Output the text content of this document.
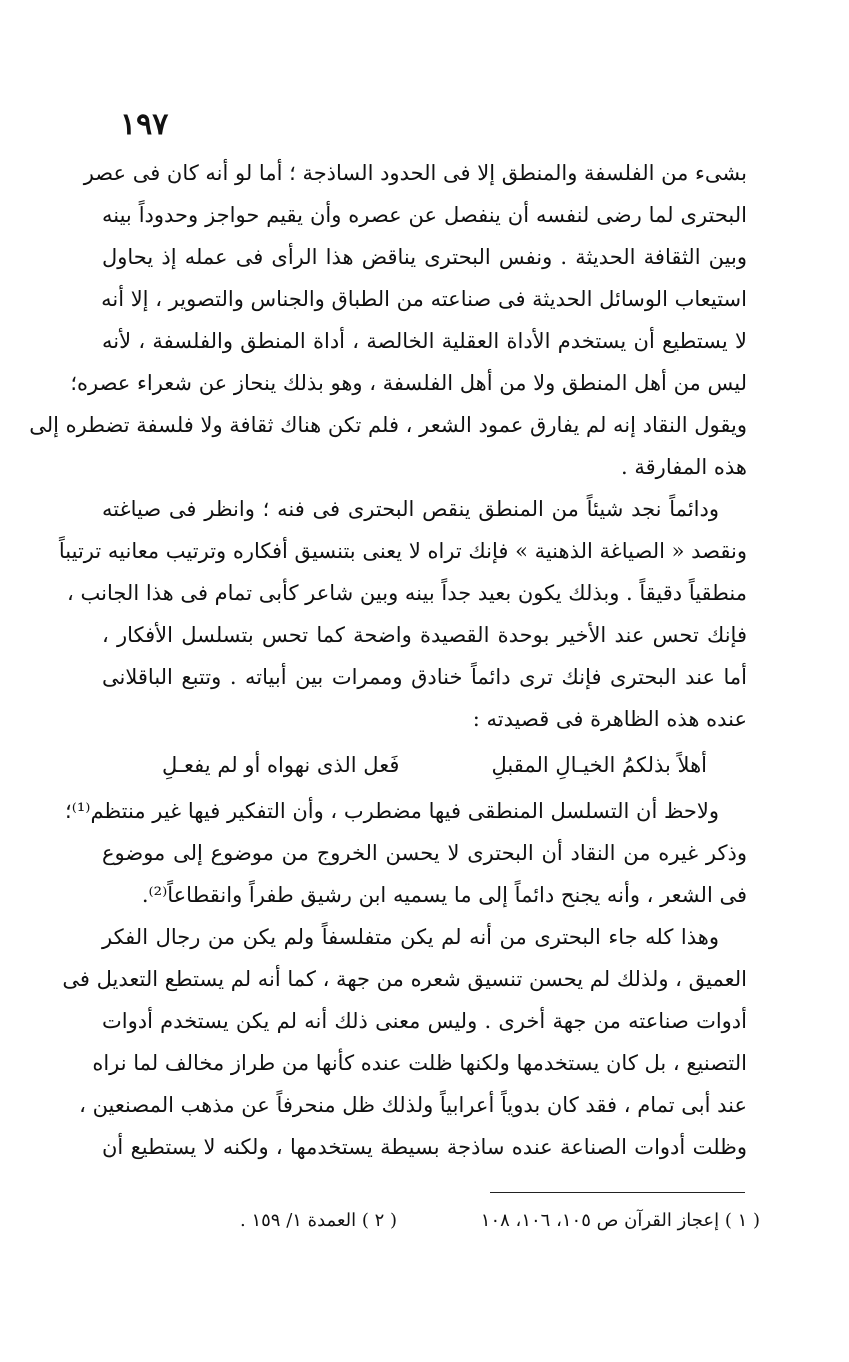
١٩٧
بشىء من الفلسفة والمنطق إلا فى الحدود الساذجة ؛ أما لو أنه كان فى عصر
البحترى لما رضى لنفسه أن ينفصل عن عصره وأن يقيم حواجز وحدوداً بينه
وبين الثقافة الحديثة . ونفس البحترى يناقض هذا الرأى فى عمله إذ يحاول
استيعاب الوسائل الحديثة فى صناعته من الطباق والجناس والتصوير ، إلا أنه
لا يستطيع أن يستخدم الأداة العقلية الخالصة ، أداة المنطق والفلسفة ، لأنه
ليس من أهل المنطق ولا من أهل الفلسفة ، وهو بذلك ينحاز عن شعراء عصره؛
ويقول النقاد إنه لم يفارق عمود الشعر ، فلم تكن هناك ثقافة ولا فلسفة تضطره إلى
هذه المفارقة .
ودائماً نجد شيئاً من المنطق ينقص البحترى فى فنه ؛ وانظر فى صياغته
ونقصد « الصياغة الذهنية » فإنك تراه لا يعنى بتنسيق أفكاره وترتيب معانيه ترتيباً
منطقياً دقيقاً . وبذلك يكون بعيد جداً بينه وبين شاعر كأبى تمام فى هذا الجانب ،
فإنك تحس عند الأخير بوحدة القصيدة واضحة كما تحس بتسلسل الأفكار ،
أما عند البحترى فإنك ترى دائماً خنادق وممرات بين أبياته . وتتبع الباقلانى
عنده هذه الظاهرة فى قصيدته :
أهلاً بذلكمُ الخيـالِ المقبلِ
فَعل الذى نهواه أو لم يفعـلِ
ولاحظ أن التسلسل المنطقى فيها مضطرب ، وأن التفكير فيها غير منتظم⁽¹⁾؛
وذكر غيره من النقاد أن البحترى لا يحسن الخروج من موضوع إلى موضوع
فى الشعر ، وأنه يجنح دائماً إلى ما يسميه ابن رشيق طفراً وانقطاعاً⁽²⁾.
وهذا كله جاء البحترى من أنه لم يكن متفلسفاً ولم يكن من رجال الفكر
العميق ، ولذلك لم يحسن تنسيق شعره من جهة ، كما أنه لم يستطع التعديل فى
أدوات صناعته من جهة أخرى . وليس معنى ذلك أنه لم يكن يستخدم أدوات
التصنيع ، بل كان يستخدمها ولكنها ظلت عنده كأنها من طراز مخالف لما نراه
عند أبى تمام ، فقد كان بدوياً أعرابياً ولذلك ظل منحرفاً عن مذهب المصنعين ،
وظلت أدوات الصناعة عنده ساذجة بسيطة يستخدمها ، ولكنه لا يستطيع أن
( ١ ) إعجاز القرآن ص ١٠٥، ١٠٦، ١٠٨
( ٢ ) العمدة ١/ ١٥٩ .
